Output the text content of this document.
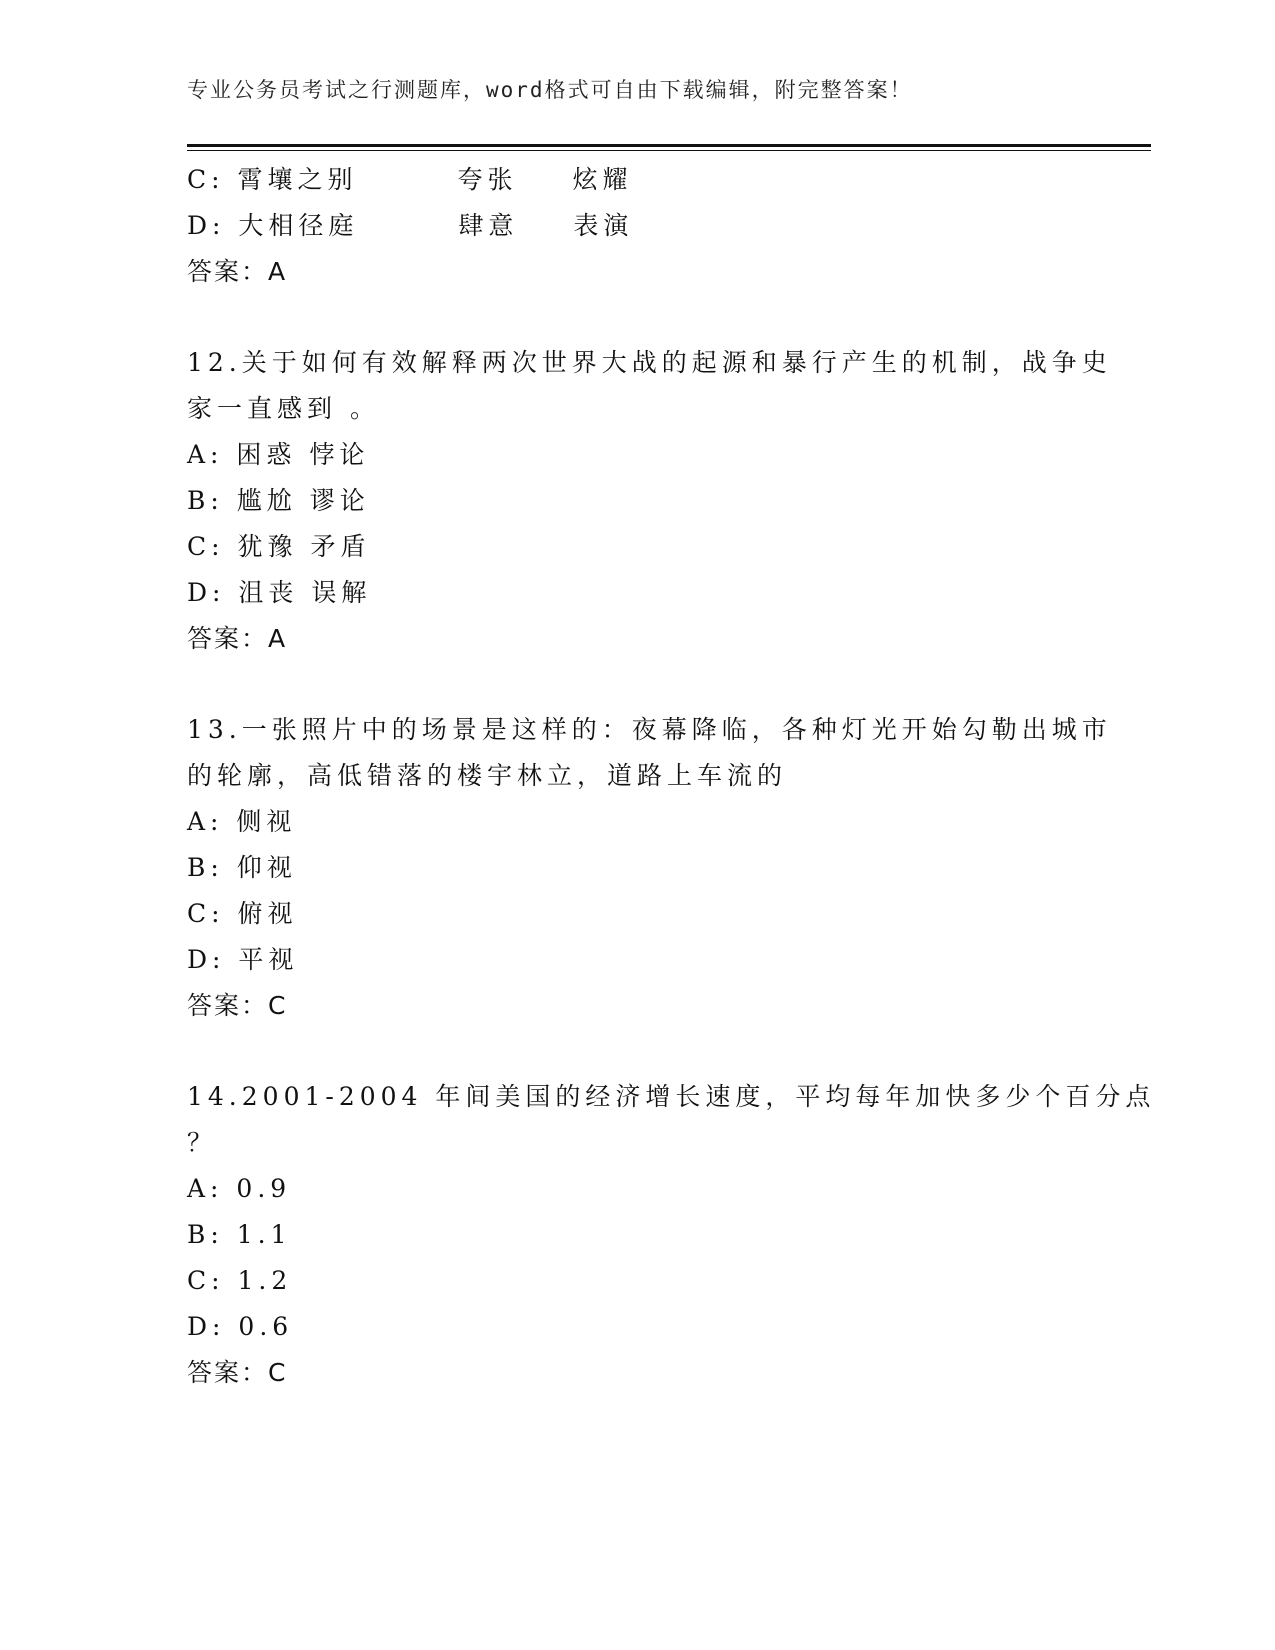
专业公务员考试之行测题库，word格式可自由下载编辑，附完整答案！
C: 霄壤之别	夸张 炫耀
D: 大相径庭	肆意 表演
答案：A
12.关于如何有效解释两次世界大战的起源和暴行产生的机制，战争史
家一直感到 。
A: 困惑 悖论
B: 尴尬 谬论
C: 犹豫 矛盾
D: 沮丧 误解
答案：A
13.一张照片中的场景是这样的：夜幕降临，各种灯光开始勾勒出城市
的轮廓，高低错落的楼宇林立，道路上车流的
A: 侧视
B: 仰视
C: 俯视
D: 平视
答案：C
14.2001-2004 年间美国的经济增长速度，平均每年加快多少个百分点
？
A: 0.9
B: 1.1
C: 1.2
D: 0.6
答案：C
